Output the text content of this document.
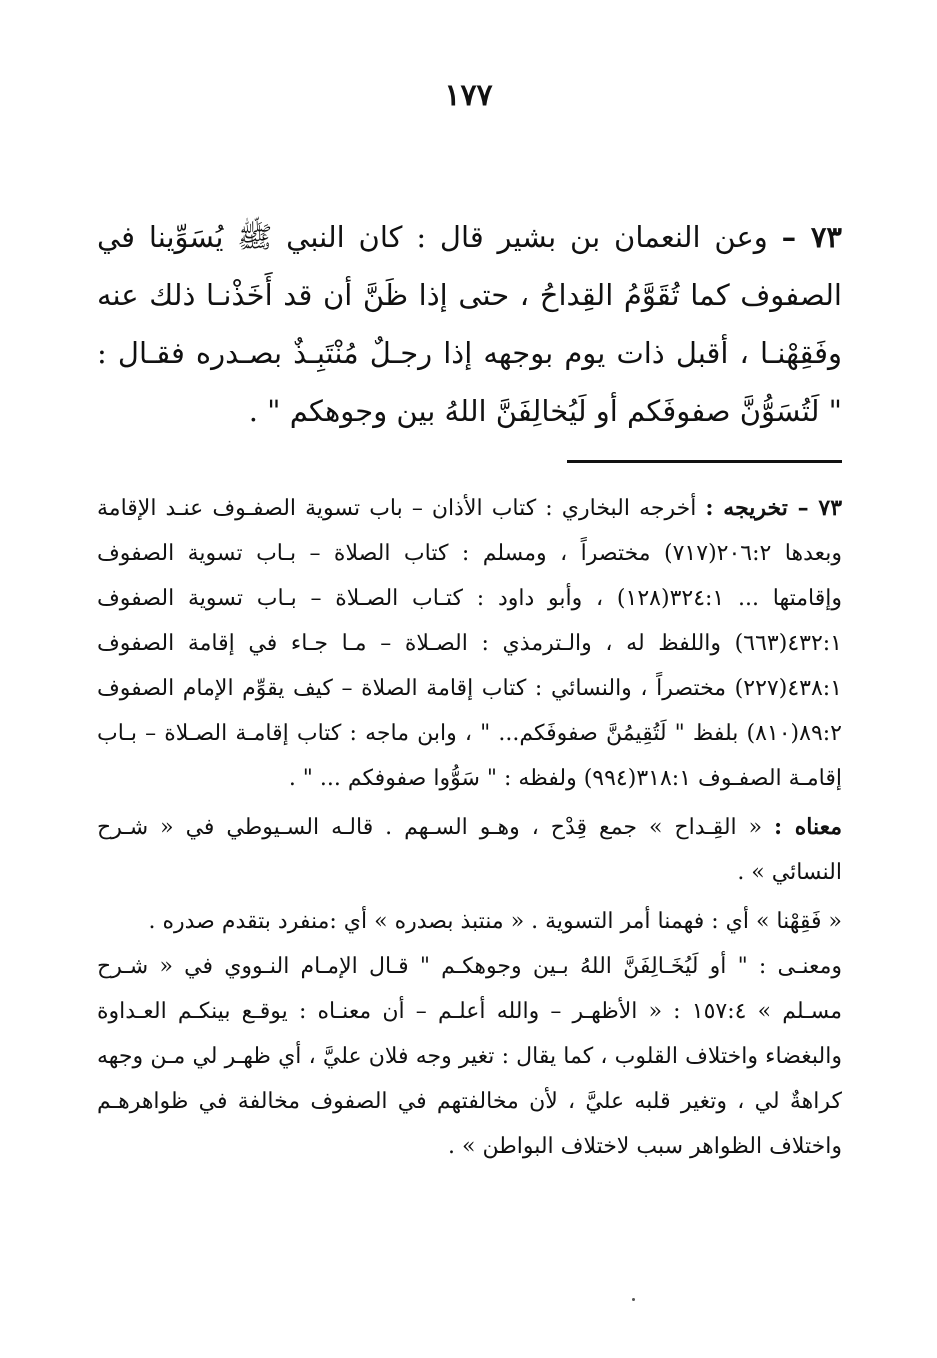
١٧٧

٧٣ – وعن النعمان بن بشير قال : كان النبي ﷺ يُسَوِّينا في الصفوف كما تُقَوَّمُ القِداحُ ، حتى إذا ظَنَّ أن قد أَخَذْنـا ذلك عنه وفَقِهْنـا ، أقبل ذات يوم بوجهه إذا رجـلٌ مُنْتَبِـذٌ بصـدره فقـال : " لَتُسَوُّنَّ صفوفَكم أو لَيُخالِفَنَّ اللهُ بين وجوهكم " .

٧٣ – تخريجه : أخرجه البخاري : كتاب الأذان – باب تسوية الصفـوف عنـد الإقامة وبعدها ٢٠٦:٢(٧١٧) مختصراً ، ومسلم : كتاب الصلاة – بـاب تسوية الصفوف وإقامتها ... ٣٢٤:١(١٢٨) ، وأبو داود : كتـاب الصـلاة – بـاب تسوية الصفوف ٤٣٢:١(٦٦٣) واللفظ له ، والـترمذي : الصـلاة – مـا جـاء في إقامة الصفوف ٤٣٨:١(٢٢٧) مختصراً ، والنسائي : كتاب إقامة الصلاة – كيف يقوِّم الإمام الصفوف ٨٩:٢(٨١٠) بلفظ " لَتُقِيمُنَّ صفوفَكم... " ، وابن ماجه : كتاب إقامـة الصـلاة – بـاب إقامـة الصفـوف ٣١٨:١(٩٩٤) ولفظه : " سَوُّوا صفوفكم ... " .

معناه : « القِـداح » جمع قِدْح ، وهـو السـهم . قالـه السـيوطي في « شـرح النسائي » .

« فَقِهْنا » أي : فهمنا أمر التسوية . « منتبذ بصدره » أي :منفرد بتقدم صدره .

ومعنـى : " أو لَيُخَـالِفَنَّ اللهُ بـين وجوهكـم " قـال الإمـام النـووي في « شـرح مسـلم » ١٥٧:٤ : « الأظهـر – والله أعلـم – أن معنـاه : يوقـع بينكـم العـداوة والبغضاء واختلاف القلوب ، كما يقال : تغير وجه فلان عليَّ ، أي ظهـر لي مـن وجهه كراهةٌ لي ، وتغير قلبه عليَّ ، لأن مخالفتهم في الصفوف مخالفة في ظواهرهـم واختلاف الظواهر سبب لاختلاف البواطن » .
